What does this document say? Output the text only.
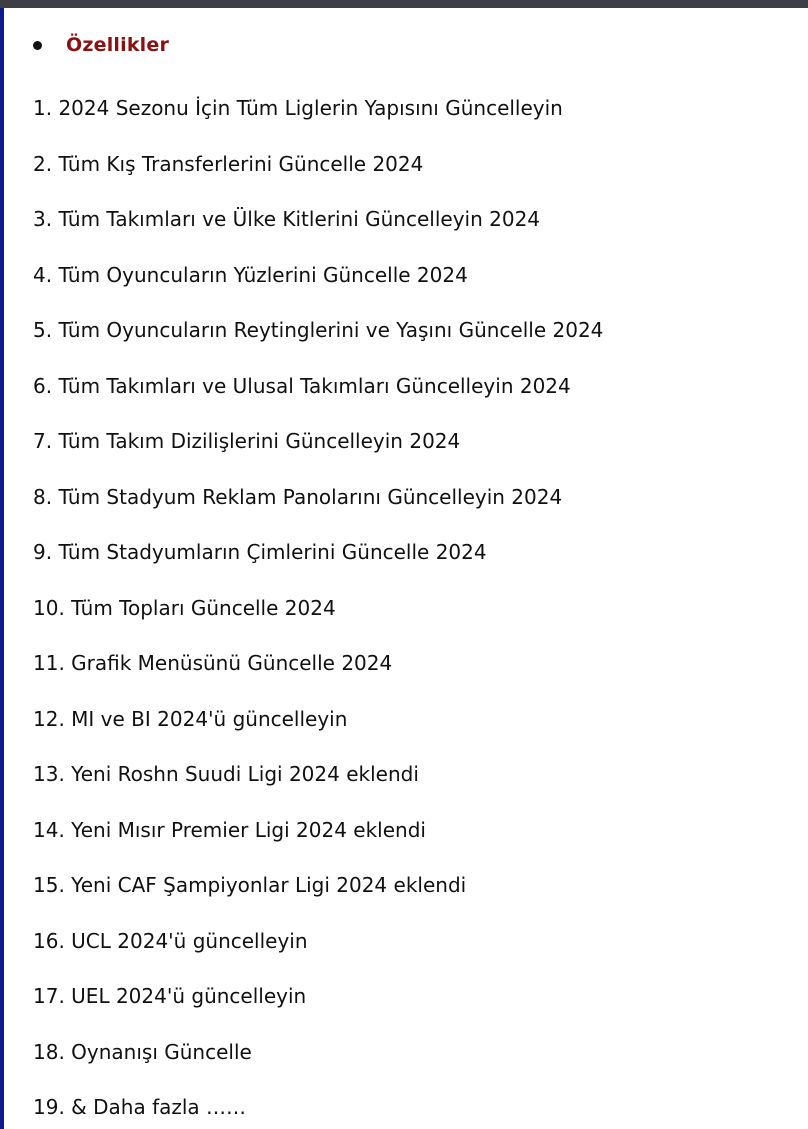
Özellikler
1. 2024 Sezonu İçin Tüm Liglerin Yapısını Güncelleyin
2. Tüm Kış Transferlerini Güncelle 2024
3. Tüm Takımları ve Ülke Kitlerini Güncelleyin 2024
4. Tüm Oyuncuların Yüzlerini Güncelle 2024
5. Tüm Oyuncuların Reytinglerini ve Yaşını Güncelle 2024
6. Tüm Takımları ve Ulusal Takımları Güncelleyin 2024
7. Tüm Takım Dizilişlerini Güncelleyin 2024
8. Tüm Stadyum Reklam Panolarını Güncelleyin 2024
9. Tüm Stadyumların Çimlerini Güncelle 2024
10. Tüm Topları Güncelle 2024
11. Grafik Menüsünü Güncelle 2024
12. MI ve BI 2024'ü güncelleyin
13. Yeni Roshn Suudi Ligi 2024 eklendi
14. Yeni Mısır Premier Ligi 2024 eklendi
15. Yeni CAF Şampiyonlar Ligi 2024 eklendi
16. UCL 2024'ü güncelleyin
17. UEL 2024'ü güncelleyin
18. Oynanışı Güncelle
19. & Daha fazla ……
